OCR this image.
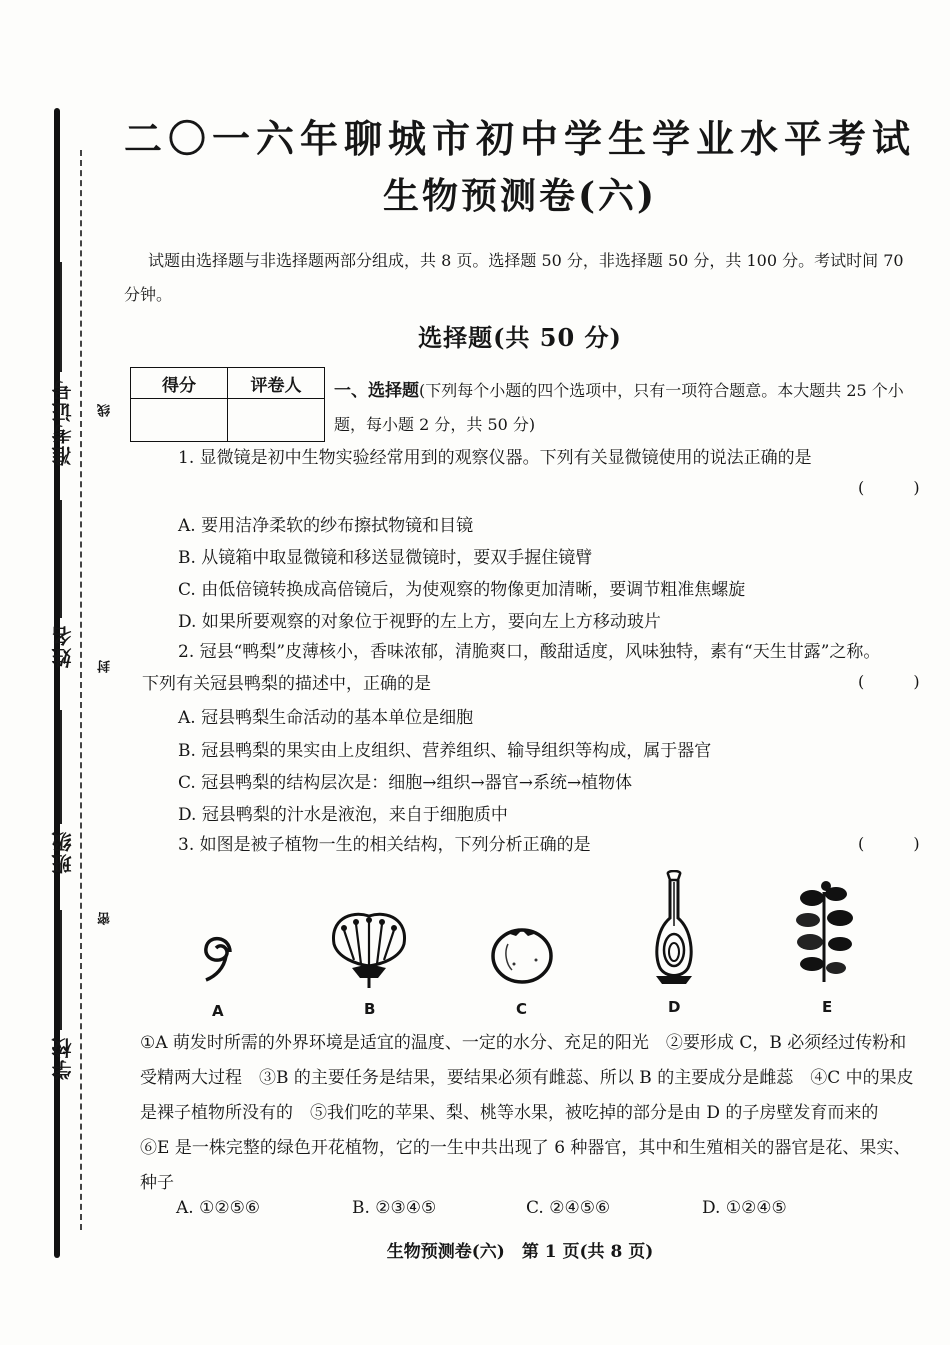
准考证号
姓名
班级
学校
线
封
密
二〇一六年聊城市初中学生学业水平考试
生物预测卷(六)
试题由选择题与非选择题两部分组成，共 8 页。选择题 50 分，非选择题 50 分，共 100 分。考试时间 70 分钟。
选择题(共 50 分)
得分	评卷人
	一、选择题(下列每个小题的四个选项中，只有一项符合题意。本大题共 25 个小题，每小题 2 分，共 50 分)
1. 显微镜是初中生物实验经常用到的观察仪器。下列有关显微镜使用的说法正确的是
( )
A. 要用洁净柔软的纱布擦拭物镜和目镜
B. 从镜箱中取显微镜和移送显微镜时，要双手握住镜臂
C. 由低倍镜转换成高倍镜后，为使观察的物像更加清晰，要调节粗准焦螺旋
D. 如果所要观察的对象位于视野的左上方，要向左上方移动玻片
2. 冠县“鸭梨”皮薄核小，香味浓郁，清脆爽口，酸甜适度，风味独特，素有“天生甘露”之称。
下列有关冠县鸭梨的描述中，正确的是	( )
A. 冠县鸭梨生命活动的基本单位是细胞
B. 冠县鸭梨的果实由上皮组织、营养组织、输导组织等构成，属于器官
C. 冠县鸭梨的结构层次是：细胞→组织→器官→系统→植物体
D. 冠县鸭梨的汁水是液泡，来自于细胞质中
3. 如图是被子植物一生的相关结构，下列分析正确的是	( )
A	B	C	D	E
①A 萌发时所需的外界环境是适宜的温度、一定的水分、充足的阳光　②要形成 C，B 必须经过传粉和受精两大过程　③B 的主要任务是结果，要结果必须有雌蕊、所以 B 的主要成分是雌蕊　④C 中的果皮是裸子植物所没有的　⑤我们吃的苹果、梨、桃等水果，被吃掉的部分是由 D 的子房壁发育而来的　⑥E 是一株完整的绿色开花植物，它的一生中共出现了 6 种器官，其中和生殖相关的器官是花、果实、种子
A. ①②⑤⑥	B. ②③④⑤	C. ②④⑤⑥	D. ①②④⑤
生物预测卷(六)　第 1 页(共 8 页)
